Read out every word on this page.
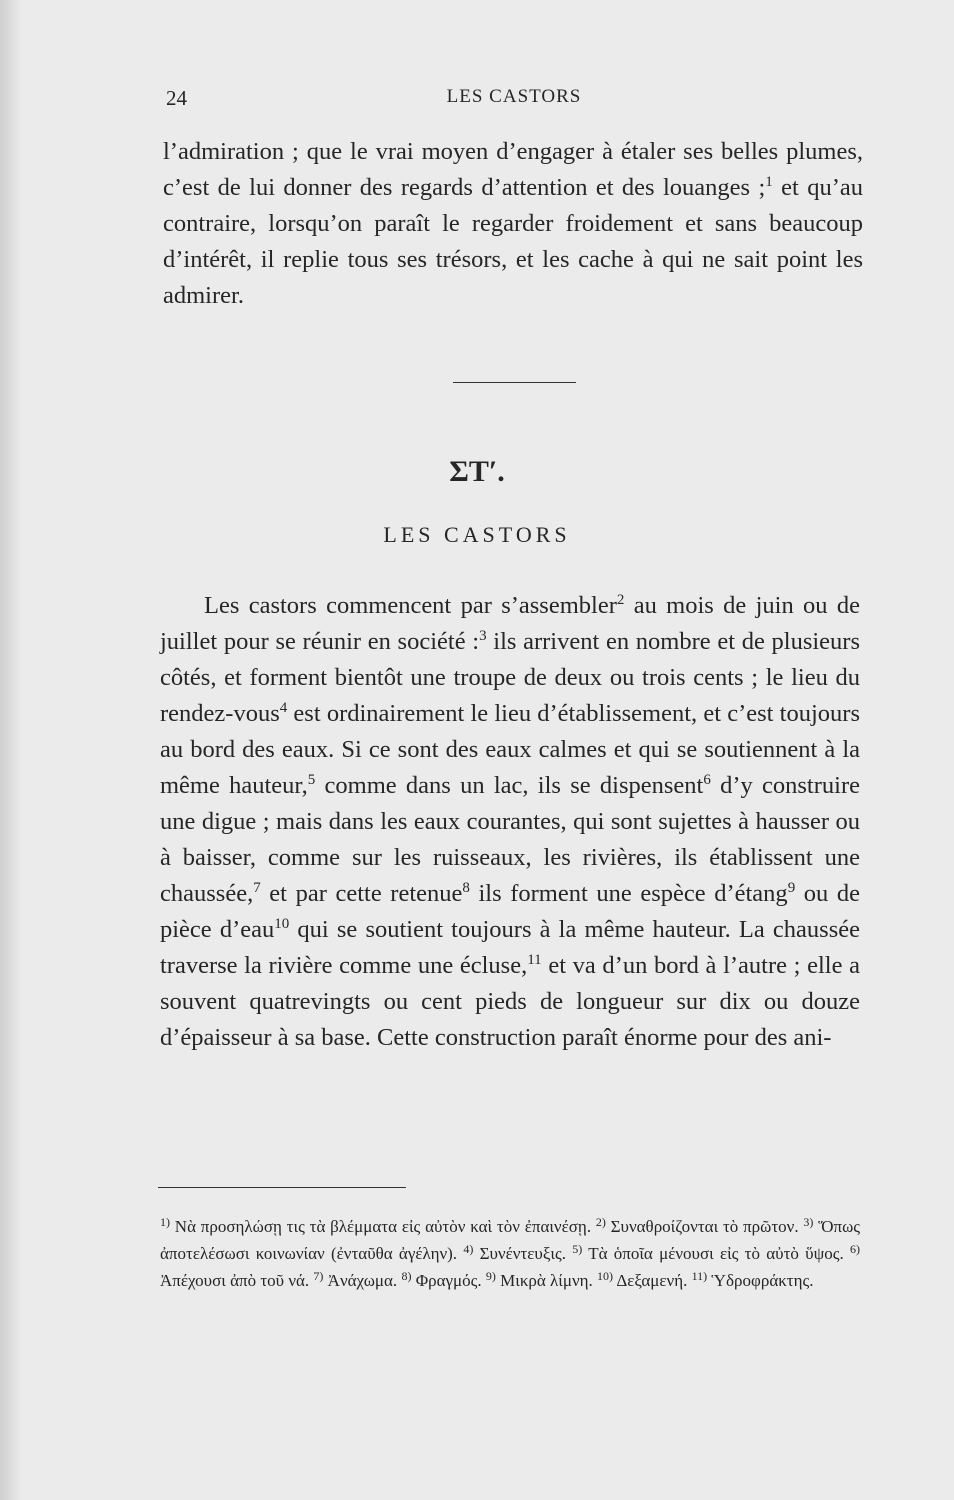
24	LES CASTORS

l’admiration ; que le vrai moyen d’engager à étaler ses belles plumes, c’est de lui donner des regards d’attention et des louanges ;$^1$ et qu’au contraire, lorsqu’on paraît le regarder froidement et sans beaucoup d’intérêt, il replie tous ses trésors, et les cache à qui ne sait point les admirer.

ΣΤʹ.
LES CASTORS

Les castors commencent par s’assembler$^2$ au mois de juin ou de juillet pour se réunir en société :$^3$ ils arrivent en nombre et de plusieurs côtés, et forment bientôt une troupe de deux ou trois cents ; le lieu du rendez-vous$^4$ est ordinairement le lieu d’établissement, et c’est toujours au bord des eaux. Si ce sont des eaux calmes et qui se soutiennent à la même hauteur,$^5$ comme dans un lac, ils se dispensent$^6$ d’y construire une digue ; mais dans les eaux courantes, qui sont sujettes à hausser ou à baisser, comme sur les ruisseaux, les rivières, ils établissent une chaussée,$^7$ et par cette retenue$^8$ ils forment une espèce d’étang$^9$ ou de pièce d’eau$^{10}$ qui se soutient toujours à la même hauteur. La chaussée traverse la rivière comme une écluse,$^{11}$ et va d’un bord à l’autre ; elle a souvent quatrevingts ou cent pieds de longueur sur dix ou douze d’épaisseur à sa base. Cette construction paraît énorme pour des ani-

$^{1)}$ Νὰ προσηλώσῃ τις τὰ βλέμματα εἰς αὐτὸν καὶ τὸν ἐπαινέσῃ. $^{2)}$ Συναθροίζονται τὸ πρῶτον. $^{3)}$ Ὅπως ἀποτελέσωσι κοινωνίαν (ἐνταῦθα ἀγέλην). $^{4)}$ Συνέντευξις. $^{5)}$ Τὰ ὁποῖα μένουσι εἰς τὸ αὐτὸ ὕψος. $^{6)}$ Ἀπέχουσι ἀπὸ τοῦ νά. $^{7)}$ Ἀνάχωμα. $^{8)}$ Φραγμός. $^{9)}$ Μικρὰ λίμνη. $^{10)}$ Δεξαμενή. $^{11)}$ Ὑδροφράκτης.
